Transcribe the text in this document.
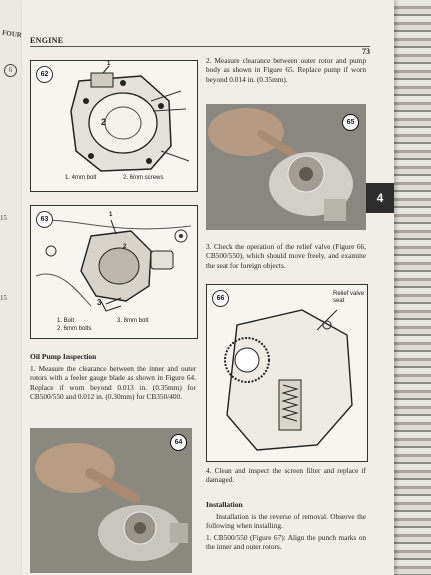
FOUR
6
15
15
ENGINE
73
62
1
2
1. 4mm bolt	2. 6mm screws
63
1
2
3
1. Bolt
2. 6mm bolts
3. 8mm bolt
Oil Pump Inspection
1. Measure the clearance between the inner and outer rotors with a feeler gauge blade as shown in Figure 64. Replace if worn beyond 0.013 in. (0.35mm) for CB500/550 and 0.012 in. (0.30mm) for CB350/400.
64
2. Measure clearance between outer rotor and pump body as shown in Figure 65. Replace pump if worn beyond 0.014 in. (0.35mm).
65
3. Check the operation of the relief valve (Figure 66, CB500/550), which should move freely, and examine the seat for foreign objects.
66
Relief valve seat
4. Clean and inspect the screen filter and replace if damaged.
Installation
Installation is the reverse of removal. Observe the following when installing.
1. CB500/550 (Figure 67): Align the punch marks on the inner and outer rotors.
4
